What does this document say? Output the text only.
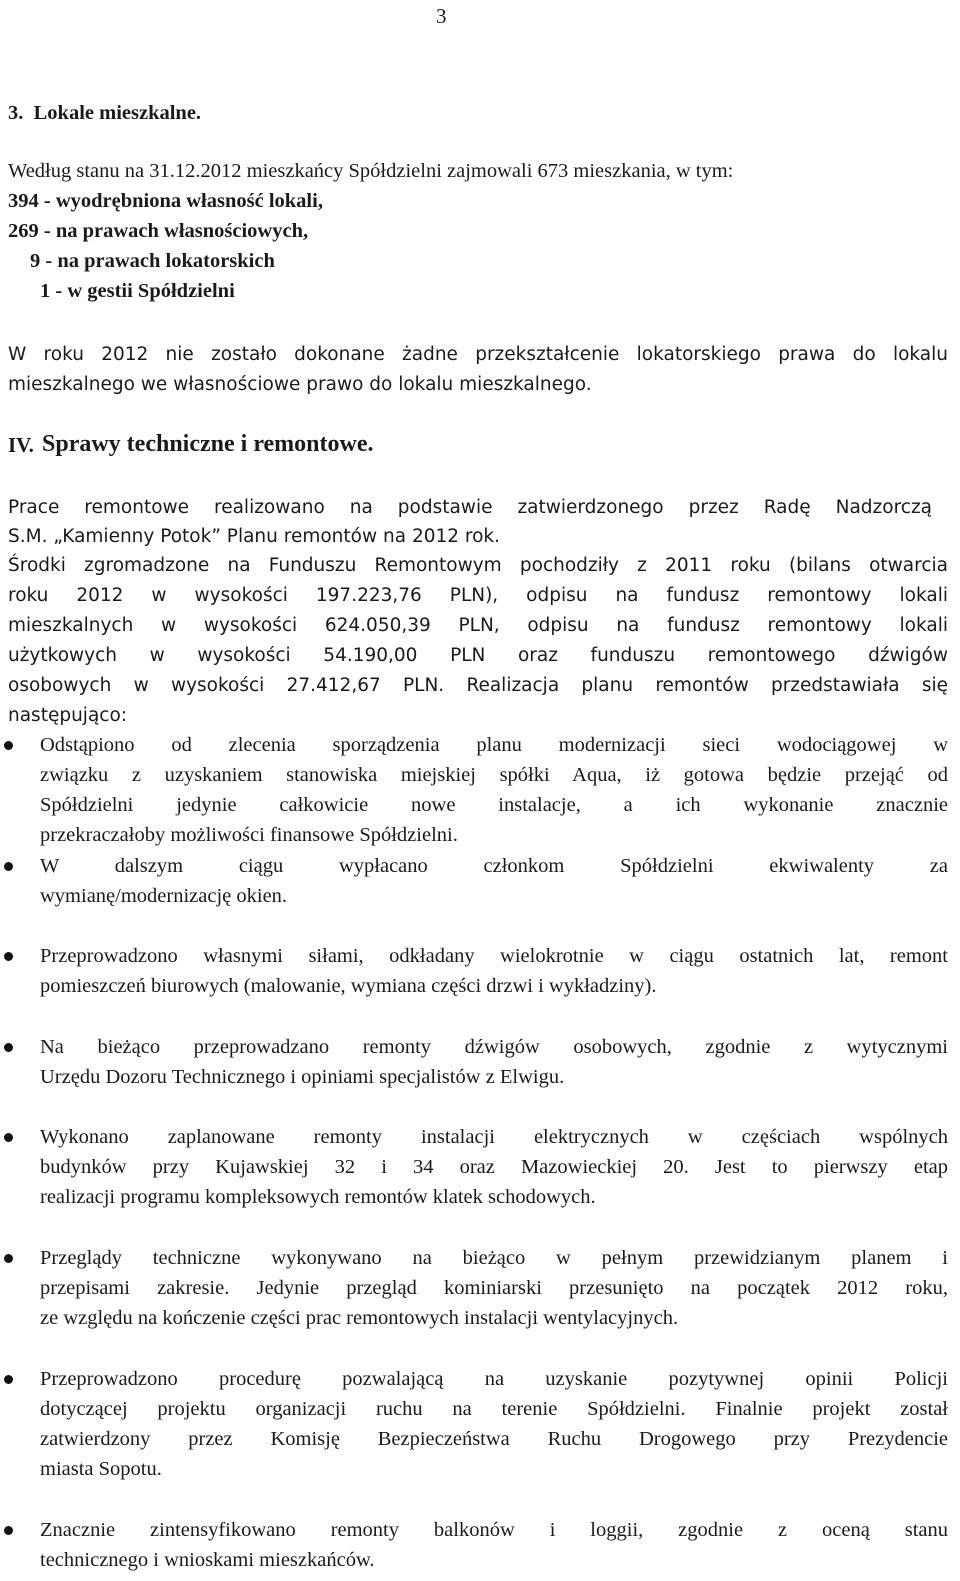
3
3.  Lokale mieszkalne.
Według stanu na 31.12.2012 mieszkańcy Spółdzielni zajmowali 673 mieszkania, w tym:
394 - wyodrębniona własność lokali,
269 - na prawach własnościowych,
9 - na prawach lokatorskich
1 - w gestii Spółdzielni
W roku 2012 nie zostało dokonane żadne przekształcenie lokatorskiego prawa do lokalu
mieszkalnego we własnościowe prawo do lokalu mieszkalnego.
IV. Sprawy techniczne i remontowe.
Prace remontowe realizowano na podstawie zatwierdzonego przez Radę Nadzorczą
S.M. „Kamienny Potok” Planu remontów na 2012 rok.
Środki zgromadzone na Funduszu Remontowym pochodziły z 2011 roku (bilans otwarcia
roku 2012 w wysokości 197.223,76 PLN), odpisu na fundusz remontowy lokali
mieszkalnych w wysokości 624.050,39 PLN, odpisu na fundusz remontowy lokali
użytkowych w wysokości 54.190,00 PLN oraz funduszu remontowego dźwigów
osobowych w wysokości 27.412,67 PLN. Realizacja planu remontów przedstawiała się
następująco:
Odstąpiono od zlecenia sporządzenia planu modernizacji sieci wodociągowej w
związku z uzyskaniem stanowiska miejskiej spółki Aqua, iż gotowa będzie przejąć od
Spółdzielni jedynie całkowicie nowe instalacje, a ich wykonanie znacznie
przekraczałoby możliwości finansowe Spółdzielni.
W dalszym ciągu wypłacano członkom Spółdzielni ekwiwalenty za
wymianę/modernizację okien.
Przeprowadzono własnymi siłami, odkładany wielokrotnie w ciągu ostatnich lat, remont
pomieszczeń biurowych (malowanie, wymiana części drzwi i wykładziny).
Na bieżąco przeprowadzano remonty dźwigów osobowych, zgodnie z wytycznymi
Urzędu Dozoru Technicznego i opiniami specjalistów z Elwigu.
Wykonano zaplanowane remonty instalacji elektrycznych w częściach wspólnych
budynków przy Kujawskiej 32 i 34 oraz Mazowieckiej 20. Jest to pierwszy etap
realizacji programu kompleksowych remontów klatek schodowych.
Przeglądy techniczne wykonywano na bieżąco w pełnym przewidzianym planem i
przepisami zakresie. Jedynie przegląd kominiarski przesunięto na początek 2012 roku,
ze względu na kończenie części prac remontowych instalacji wentylacyjnych.
Przeprowadzono procedurę pozwalającą na uzyskanie pozytywnej opinii Policji
dotyczącej projektu organizacji ruchu na terenie Spółdzielni. Finalnie projekt został
zatwierdzony przez Komisję Bezpieczeństwa Ruchu Drogowego przy Prezydencie
miasta Sopotu.
Znacznie zintensyfikowano remonty balkonów i loggii, zgodnie z oceną stanu
technicznego i wnioskami mieszkańców.
